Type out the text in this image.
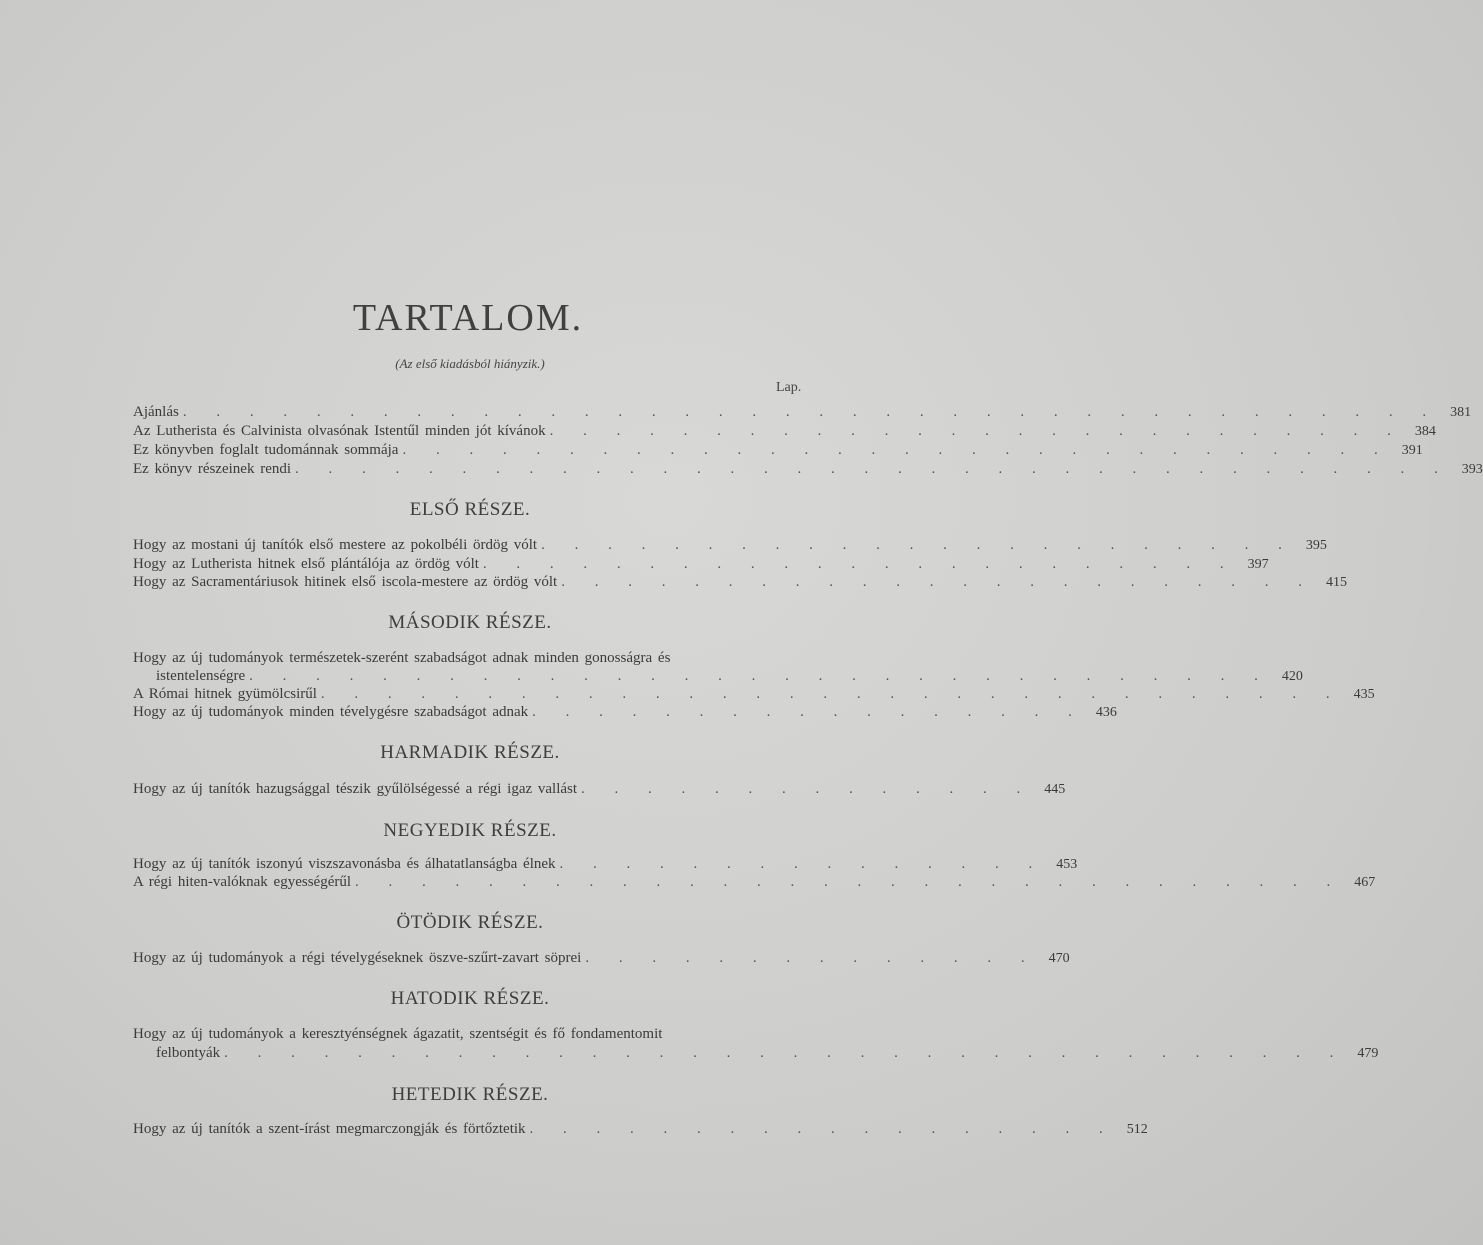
TARTALOM.
(Az első kiadásból hiányzik.)
Lap.
Ajánlás . . . . . . . . . . . . . . . . . . . . . . . . . . . . . . . . . . . . . . 381
Az Lutherista és Calvinista olvasónak Istentűl minden jót kívánok . . . . . . . . . . . . . . . . . . . . . . . . . . 384
Ez könyvben foglalt tudománnak sommája . . . . . . . . . . . . . . . . . . . . . . . . . . . . . . 391
Ez könyv részeinek rendi . . . . . . . . . . . . . . . . . . . . . . . . . . . . . . . . . . . 393
ELSŐ RÉSZE.
Hogy az mostani új tanítók első mestere az pokolbéli ördög vólt . . . . . . . . . . . . . . . . . . . . . . . 395
Hogy az Lutherista hitnek első plántálója az ördög vólt . . . . . . . . . . . . . . . . . . . . . . . 397
Hogy az Sacramentáriusok hitinek első iscola-mestere az ördög vólt . . . . . . . . . . . . . . . . . . . . . . . 415
MÁSODIK RÉSZE.
Hogy az új tudományok természetek-szerént szabadságot adnak minden gonosságra és
istentelenségre . . . . . . . . . . . . . . . . . . . . . . . . . . . . . . . 420
A Római hitnek gyümölcsirűl . . . . . . . . . . . . . . . . . . . . . . . . . . . . . . . 435
Hogy az új tudományok minden tévelygésre szabadságot adnak . . . . . . . . . . . . . . . . . 436
HARMADIK RÉSZE.
Hogy az új tanítók hazugsággal tészik gyűlölségessé a régi igaz vallást . . . . . . . . . . . . . . 445
NEGYEDIK RÉSZE.
Hogy az új tanítók iszonyú viszszavonásba és álhatatlanságba élnek . . . . . . . . . . . . . . . 453
A régi hiten-valóknak egyességérűl . . . . . . . . . . . . . . . . . . . . . . . . . . . . . . 467
ÖTÖDIK RÉSZE.
Hogy az új tudományok a régi tévelygéseknek öszve-szűrt-zavart söprei . . . . . . . . . . . . . . 470
HATODIK RÉSZE.
Hogy az új tudományok a keresztyénségnek ágazatit, szentségit és fő fondamentomit
felbontyák . . . . . . . . . . . . . . . . . . . . . . . . . . . . . . . . . . 479
HETEDIK RÉSZE.
Hogy az új tanítók a szent-írást megmarczongják és förtőztetik . . . . . . . . . . . . . . . . . . 512
